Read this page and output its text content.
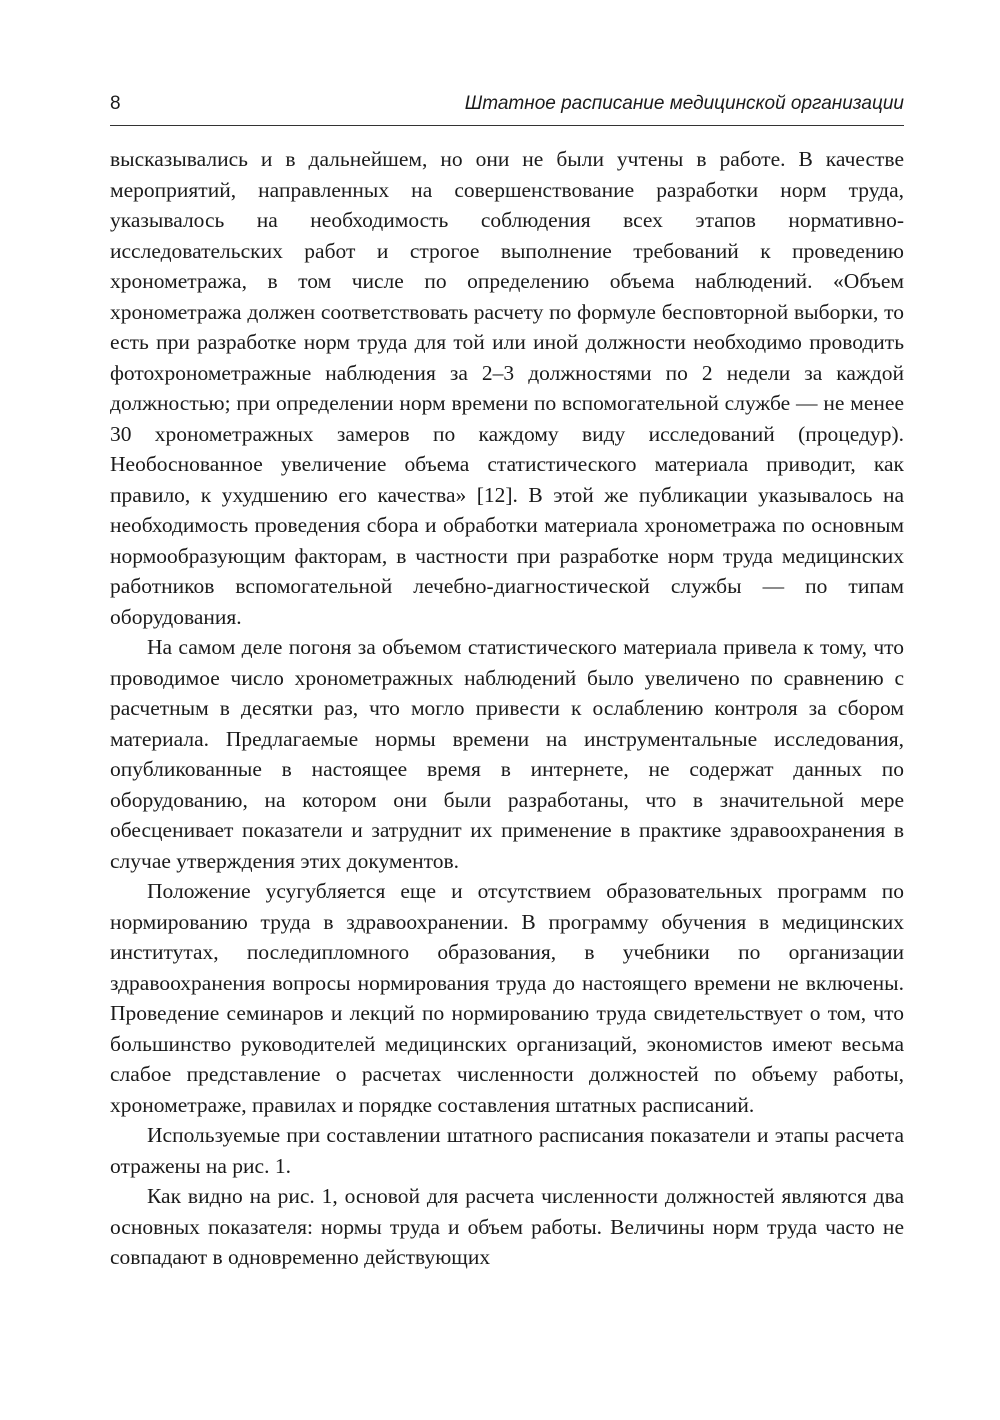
8	Штатное расписание медицинской организации

высказывались и в дальнейшем, но они не были учтены в работе. В качестве мероприятий, направленных на совершенствование разработки норм труда, указывалось на необходимость соблюдения всех этапов нормативно-исследовательских работ и строгое выполнение требований к проведению хронометража, в том числе по определению объема наблюдений. «Объем хронометража должен соответствовать расчету по формуле бесповторной выборки, то есть при разработке норм труда для той или иной должности необходимо проводить фотохронометражные наблюдения за 2–3 должностями по 2 недели за каждой должностью; при определении норм времени по вспомогательной службе — не менее 30 хронометражных замеров по каждому виду исследований (процедур). Необоснованное увеличение объема статистического материала приводит, как правило, к ухудшению его качества» [12]. В этой же публикации указывалось на необходимость проведения сбора и обработки материала хронометража по основным нормообразующим факторам, в частности при разработке норм труда медицинских работников вспомогательной лечебно-диагностической службы — по типам оборудования.

На самом деле погоня за объемом статистического материала привела к тому, что проводимое число хронометражных наблюдений было увеличено по сравнению с расчетным в десятки раз, что могло привести к ослаблению контроля за сбором материала. Предлагаемые нормы времени на инструментальные исследования, опубликованные в настоящее время в интернете, не содержат данных по оборудованию, на котором они были разработаны, что в значительной мере обесценивает показатели и затруднит их применение в практике здравоохранения в случае утверждения этих документов.

Положение усугубляется еще и отсутствием образовательных программ по нормированию труда в здравоохранении. В программу обучения в медицинских институтах, последипломного образования, в учебники по организации здравоохранения вопросы нормирования труда до настоящего времени не включены. Проведение семинаров и лекций по нормированию труда свидетельствует о том, что большинство руководителей медицинских организаций, экономистов имеют весьма слабое представление о расчетах численности должностей по объему работы, хронометраже, правилах и порядке составления штатных расписаний.

Используемые при составлении штатного расписания показатели и этапы расчета отражены на рис. 1.

Как видно на рис. 1, основой для расчета численности должностей являются два основных показателя: нормы труда и объем работы. Величины норм труда часто не совпадают в одновременно действующих
